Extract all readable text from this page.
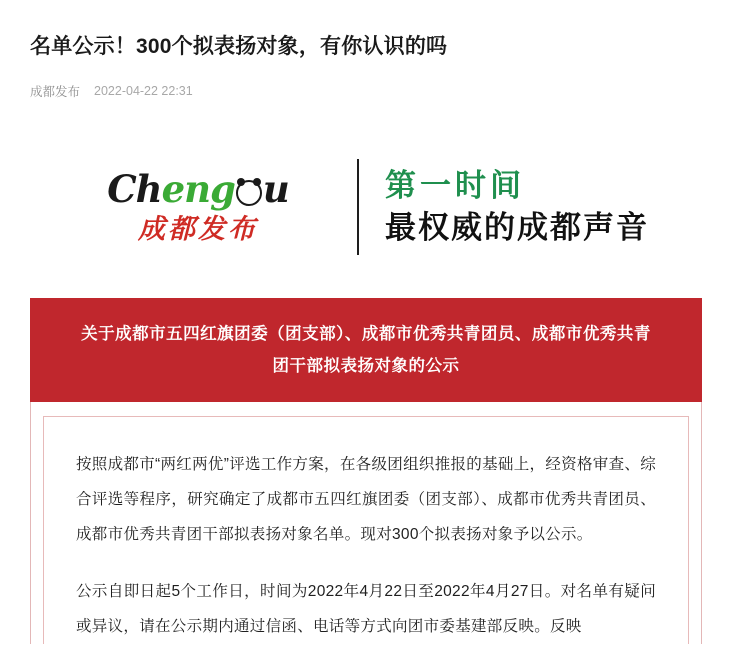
名单公示！300个拟表扬对象，有你认识的吗
成都发布 2022-04-22 22:31
Cheng u
成都发布
第一时间
最权威的成都声音
关于成都市五四红旗团委（团支部）、成都市优秀共青团员、成都市优秀共青团干部拟表扬对象的公示

按照成都市“两红两优”评选工作方案，在各级团组织推报的基础上，经资格审查、综合评选等程序，研究确定了成都市五四红旗团委（团支部）、成都市优秀共青团员、成都市优秀共青团干部拟表扬对象名单。现对300个拟表扬对象予以公示。

公示自即日起5个工作日，时间为2022年4月22日至2022年4月27日。对名单有疑问或异议，请在公示期内通过信函、电话等方式向团市委基建部反映。反映
